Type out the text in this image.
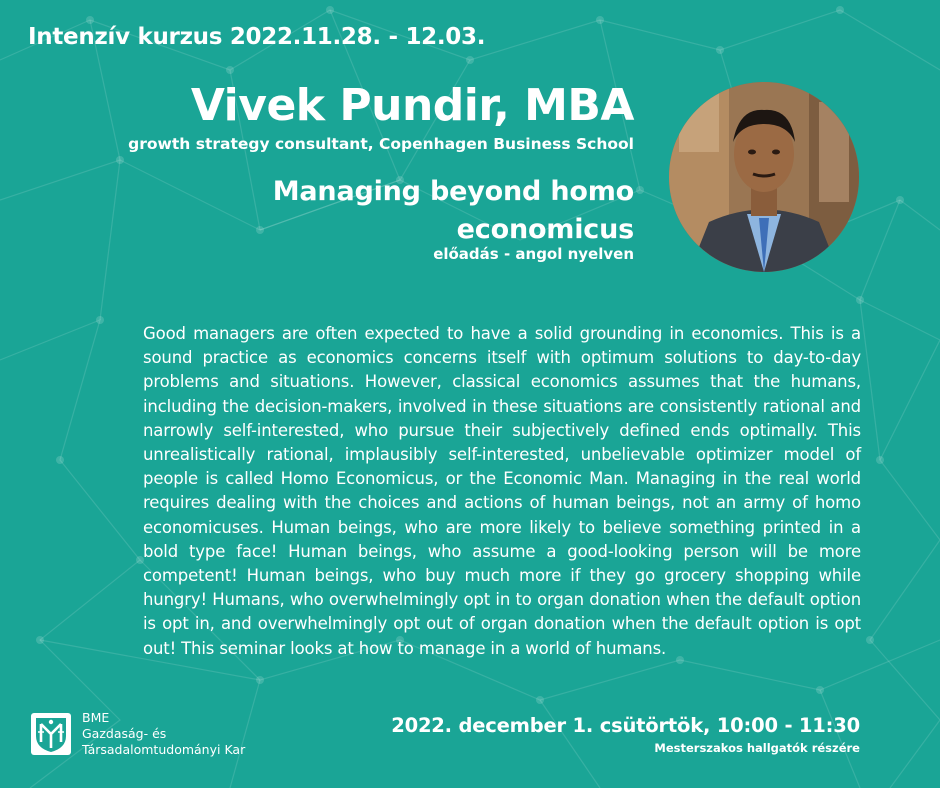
Intenzív kurzus 2022.11.28. - 12.03.
Vivek Pundir, MBA
growth strategy consultant, Copenhagen Business School
Managing beyond homo
economicus
előadás - angol nyelven
Good managers are often expected to have a solid grounding in economics. This is a sound practice as economics concerns itself with optimum solutions to day-to-day problems and situations. However, classical economics assumes that the humans, including the decision-makers, involved in these situations are consistently rational and narrowly self-interested, who pursue their subjectively defined ends optimally. This unrealistically rational, implausibly self-interested, unbelievable optimizer model of people is called Homo Economicus, or the Economic Man. Managing in the real world requires dealing with the choices and actions of human beings, not an army of homo economicuses. Human beings, who are more likely to believe something printed in a bold type face! Human beings, who assume a good-looking person will be more competent! Human beings, who buy much more if they go grocery shopping while hungry! Humans, who overwhelmingly opt in to organ donation when the default option is opt in, and overwhelmingly opt out of organ donation when the default option is opt out! This seminar looks at how to manage in a world of humans.
BME
Gazdaság- és
Társadalomtudományi Kar
2022. december 1. csütörtök, 10:00 - 11:30
Mesterszakos hallgatók részére
